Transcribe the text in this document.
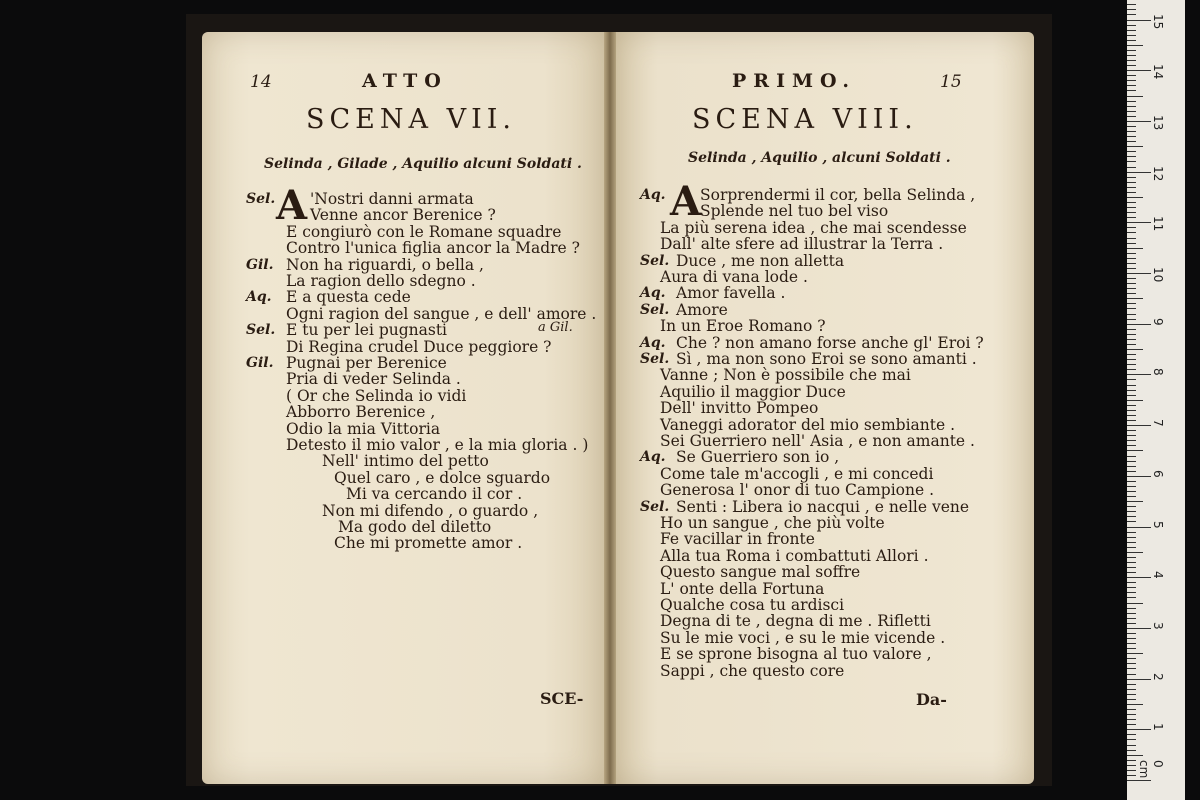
14	ATTO
SCENA VII.
Selinda , Gilade , Aquilio alcuni Soldati .
Sel. A 'Nostri danni armata
Venne ancor Berenice ?
E congiurò con le Romane squadre
Contro l'unica figlia ancor la Madre ?
Gil. Non ha riguardi, o bella ,
La ragion dello sdegno .
Aq. E a questa cede
Ogni ragion del sangue , e dell' amore .
Sel. E tu per lei pugnasti
Di Regina crudel Duce peggiore ?
Gil. Pugnai per Berenice
Pria di veder Selinda .
( Or che Selinda io vidi
Abborro Berenice ,
Odio la mia Vittoria
Detesto il mio valor , e la mia gloria . )
Nell' intimo del petto
Quel caro , e dolce sguardo
Mi va cercando il cor .
Non mi difendo , o guardo ,
Ma godo del diletto
Che mi promette amor .
a Gil.
SCE-
PRIMO.	15
SCENA VIII.
Selinda , Aquilio , alcuni Soldati .
Aq. A
Sorprendermi il cor, bella Selinda ,
Splende nel tuo bel viso
La più serena idea , che mai scendesse
Dall' alte sfere ad illustrar la Terra .
Sel. Duce , me non alletta
Aura di vana lode .
Aq. Amor favella .
Sel. Amore
In un Eroe Romano ?
Aq. Che ? non amano forse anche gl' Eroi ?
Sel. Sì , ma non sono Eroi se sono amanti .
Vanne ; Non è possibile che mai
Aquilio il maggior Duce
Dell' invitto Pompeo
Vaneggi adorator del mio sembiante .
Sei Guerriero nell' Asia , e non amante .
Aq. Se Guerriero son io ,
Come tale m'accogli , e mi concedi
Generosa l' onor di tuo Campione .
Sel. Senti : Libera io nacqui , e nelle vene
Ho un sangue , che più volte
Fe vacillar in fronte
Alla tua Roma i combattuti Allori .
Questo sangue mal soffre
L' onte della Fortuna
Qualche cosa tu ardisci
Degna di te , degna di me . Rifletti
Su le mie voci , e su le mie vicende .
E se sprone bisogna al tuo valore ,
Sappi , che questo core
Da-
0 cm
1
2
3
4
5
6
7
8
9
10
11
12
13
14
15
